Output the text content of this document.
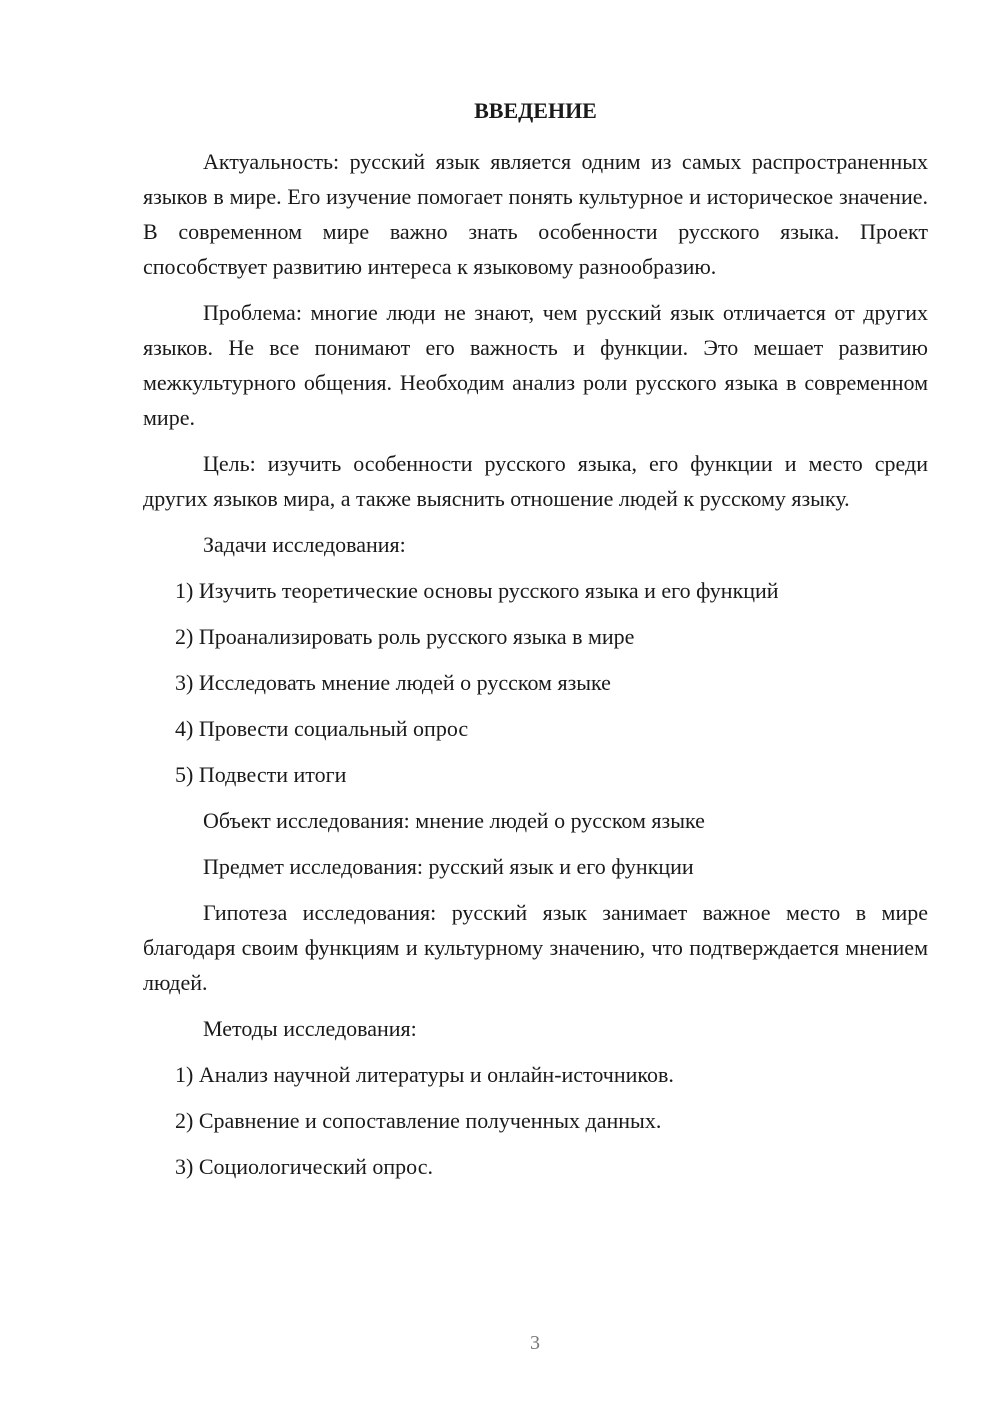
ВВЕДЕНИЕ

Актуальность: русский язык является одним из самых распространенных языков в мире. Его изучение помогает понять культурное и историческое значение. В современном мире важно знать особенности русского языка. Проект способствует развитию интереса к языковому разнообразию.

Проблема: многие люди не знают, чем русский язык отличается от других языков. Не все понимают его важность и функции. Это мешает развитию межкультурного общения. Необходим анализ роли русского языка в современном мире.

Цель: изучить особенности русского языка, его функции и место среди других языков мира, а также выяснить отношение людей к русскому языку.

Задачи исследования:
1) Изучить теоретические основы русского языка и его функций
2) Проанализировать роль русского языка в мире
3) Исследовать мнение людей о русском языке
4) Провести социальный опрос
5) Подвести итоги
Объект исследования: мнение людей о русском языке
Предмет исследования: русский язык и его функции

Гипотеза исследования: русский язык занимает важное место в мире благодаря своим функциям и культурному значению, что подтверждается мнением людей.

Методы исследования:
1) Анализ научной литературы и онлайн-источников.
2) Сравнение и сопоставление полученных данных.
3) Социологический опрос.
3
